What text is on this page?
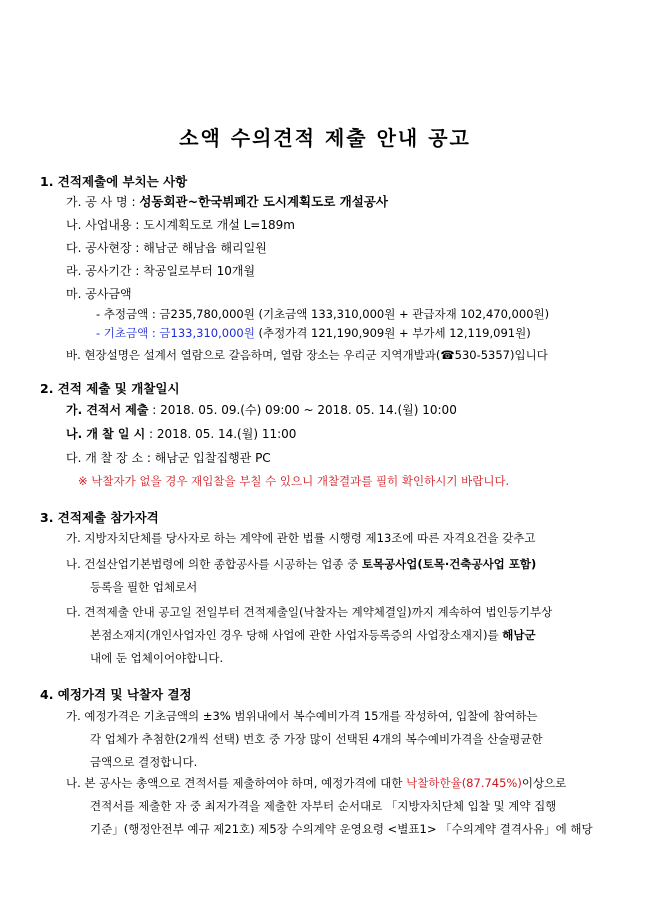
소액 수의견적 제출 안내 공고
1. 견적제출에 부치는 사항
가. 공 사 명 : 성동회관~한국뷔페간 도시계획도로 개설공사
나. 사업내용 : 도시계획도로 개설 L=189m
다. 공사현장 : 해남군 해남읍 해리일원
라. 공사기간 : 착공일로부터 10개월
마. 공사금액
- 추정금액 : 금235,780,000원 (기초금액 133,310,000원 + 관급자재 102,470,000원)
- 기초금액 : 금133,310,000원 (추정가격 121,190,909원 + 부가세 12,119,091원)
바. 현장설명은 설계서 열람으로 갈음하며, 열람 장소는 우리군 지역개발과(☎530-5357)입니다
2. 견적 제출 및 개찰일시
가. 견적서 제출 : 2018. 05. 09.(수) 09:00 ~ 2018. 05. 14.(월) 10:00
나. 개 찰 일 시 : 2018. 05. 14.(월) 11:00
다. 개 찰 장 소 : 해남군 입찰집행관 PC
※ 낙찰자가 없을 경우 재입찰을 부칠 수 있으니 개찰결과를 필히 확인하시기 바랍니다.
3. 견적제출 참가자격
가. 지방자치단체를 당사자로 하는 계약에 관한 법률 시행령 제13조에 따른 자격요건을 갖추고
나. 건설산업기본법령에 의한 종합공사를 시공하는 업종 중 토목공사업(토목·건축공사업 포함)
등록을 필한 업체로서
다. 견적제출 안내 공고일 전일부터 견적제출일(낙찰자는 계약체결일)까지 계속하여 법인등기부상
본점소재지(개인사업자인 경우 당해 사업에 관한 사업자등록증의 사업장소재지)를 해남군
내에 둔 업체이어야합니다.
4. 예정가격 및 낙찰자 결정
가. 예정가격은 기초금액의 ±3% 범위내에서 복수예비가격 15개를 작성하여, 입찰에 참여하는
각 업체가 추첨한(2개씩 선택) 번호 중 가장 많이 선택된 4개의 복수예비가격을 산술평균한
금액으로 결정합니다.
나. 본 공사는 총액으로 견적서를 제출하여야 하며, 예정가격에 대한 낙찰하한율(87.745%)이상으로
견적서를 제출한 자 중 최저가격을 제출한 자부터 순서대로 「지방자치단체 입찰 및 계약 집행
기준」(행정안전부 예규 제21호) 제5장 수의계약 운영요령 <별표1> 「수의계약 결격사유」에 해당
